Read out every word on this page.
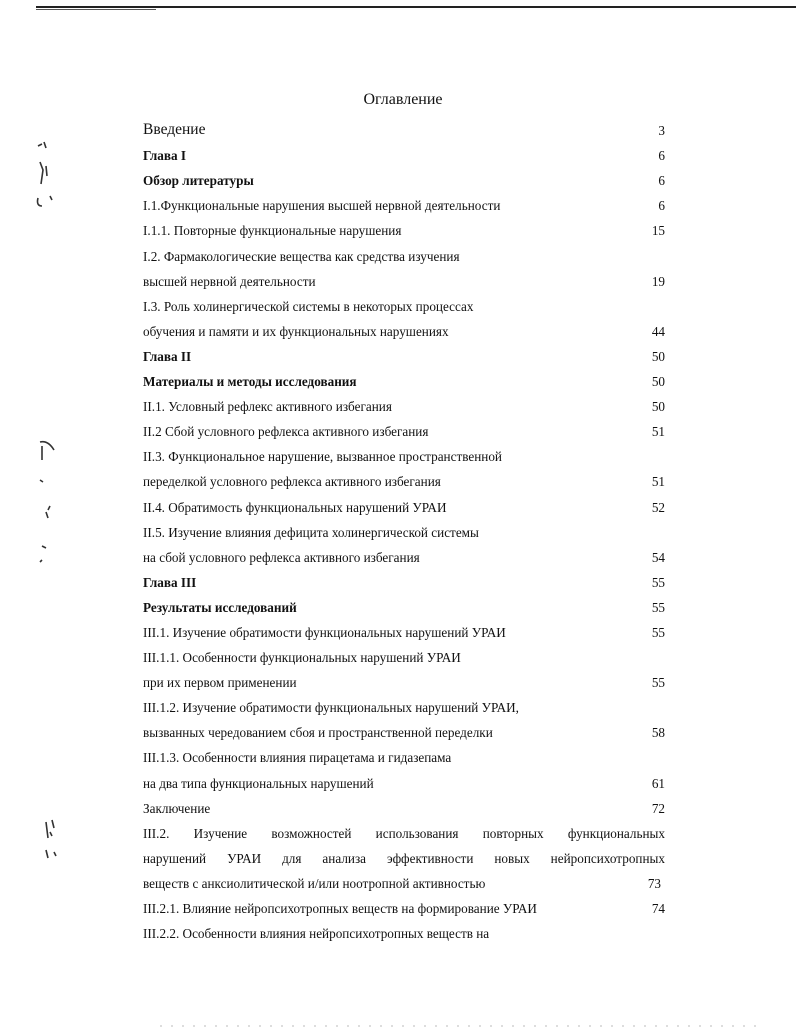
Оглавление
Введение	3
Глава I	6
Обзор литературы	6
I.1.Функциональные нарушения высшей нервной деятельности	6
I.1.1. Повторные функциональные нарушения	15
I.2. Фармакологические вещества как средства изучения
высшей нервной деятельности	19
I.3. Роль холинергической системы в некоторых процессах
обучения и памяти и их функциональных нарушениях	44
Глава II	50
Материалы и методы исследования	50
II.1. Условный рефлекс активного избегания	50
II.2 Сбой условного рефлекса активного избегания	51
II.3. Функциональное нарушение, вызванное пространственной
переделкой условного рефлекса активного избегания	51
II.4. Обратимость функциональных нарушений УРАИ	52
II.5. Изучение влияния дефицита холинергической системы
на сбой условного рефлекса активного избегания	54
Глава III	55
Результаты исследований	55
III.1. Изучение обратимости функциональных нарушений УРАИ	55
III.1.1. Особенности функциональных нарушений УРАИ
при их первом применении	55
III.1.2. Изучение обратимости функциональных нарушений УРАИ,
вызванных чередованием сбоя и пространственной переделки	58
III.1.3. Особенности влияния пирацетама и гидазепама
на два типа функциональных нарушений	61
Заключение	72
III.2. Изучение возможностей использования повторных функциональных
нарушений УРАИ для анализа эффективности новых нейропсихотропных
веществ с анксиолитической и/или ноотропной активностью	73
III.2.1. Влияние нейропсихотропных веществ на формирование УРАИ	74
III.2.2. Особенности влияния нейропсихотропных веществ на
